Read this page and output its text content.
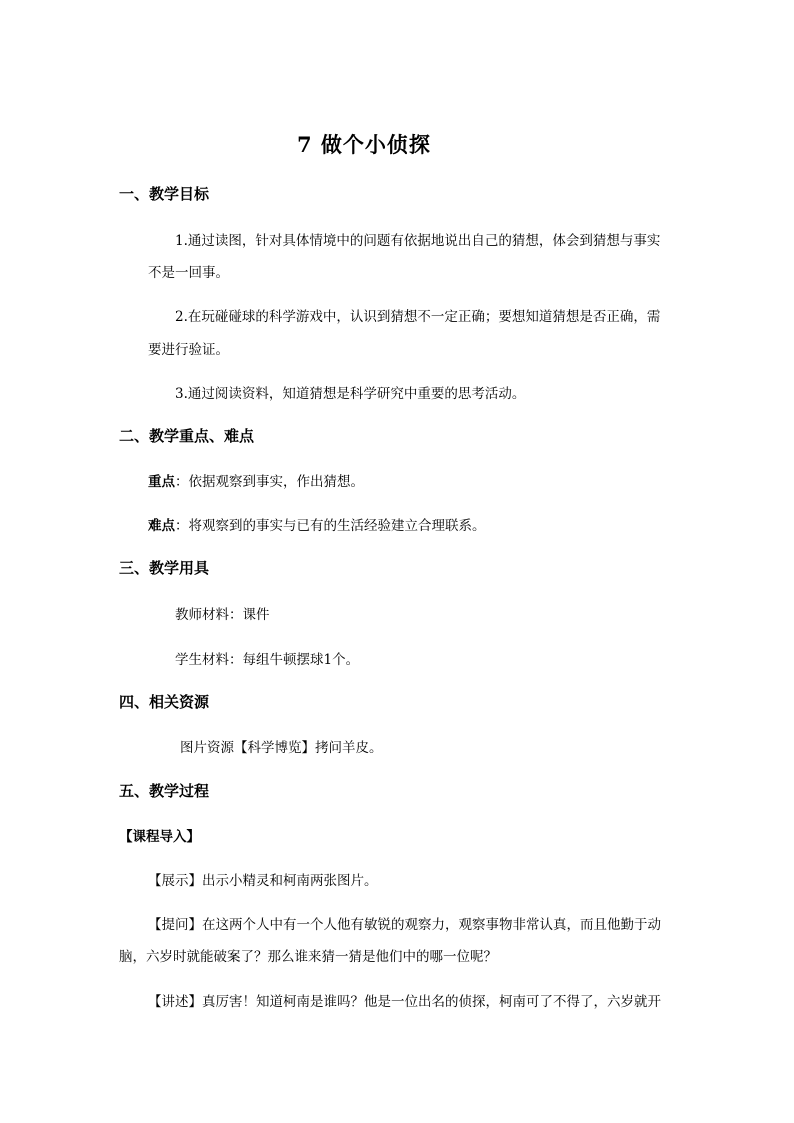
7 做个小侦探
一、教学目标
1.通过读图，针对具体情境中的问题有依据地说出自己的猜想，体会到猜想与事实
不是一回事。
2.在玩碰碰球的科学游戏中，认识到猜想不一定正确；要想知道猜想是否正确，需
要进行验证。
3.通过阅读资料，知道猜想是科学研究中重要的思考活动。
二、教学重点、难点
重点：依据观察到事实，作出猜想。
难点：将观察到的事实与已有的生活经验建立合理联系。
三、教学用具
教师材料：课件
学生材料：每组牛顿摆球1个。
四、相关资源
图片资源【科学博览】拷问羊皮。
五、教学过程
【课程导入】
【展示】出示小精灵和柯南两张图片。
【提问】在这两个人中有一个人他有敏锐的观察力，观察事物非常认真，而且他勤于动
脑，六岁时就能破案了？那么谁来猜一猜是他们中的哪一位呢？
【讲述】真厉害！知道柯南是谁吗？他是一位出名的侦探，柯南可了不得了，六岁就开
